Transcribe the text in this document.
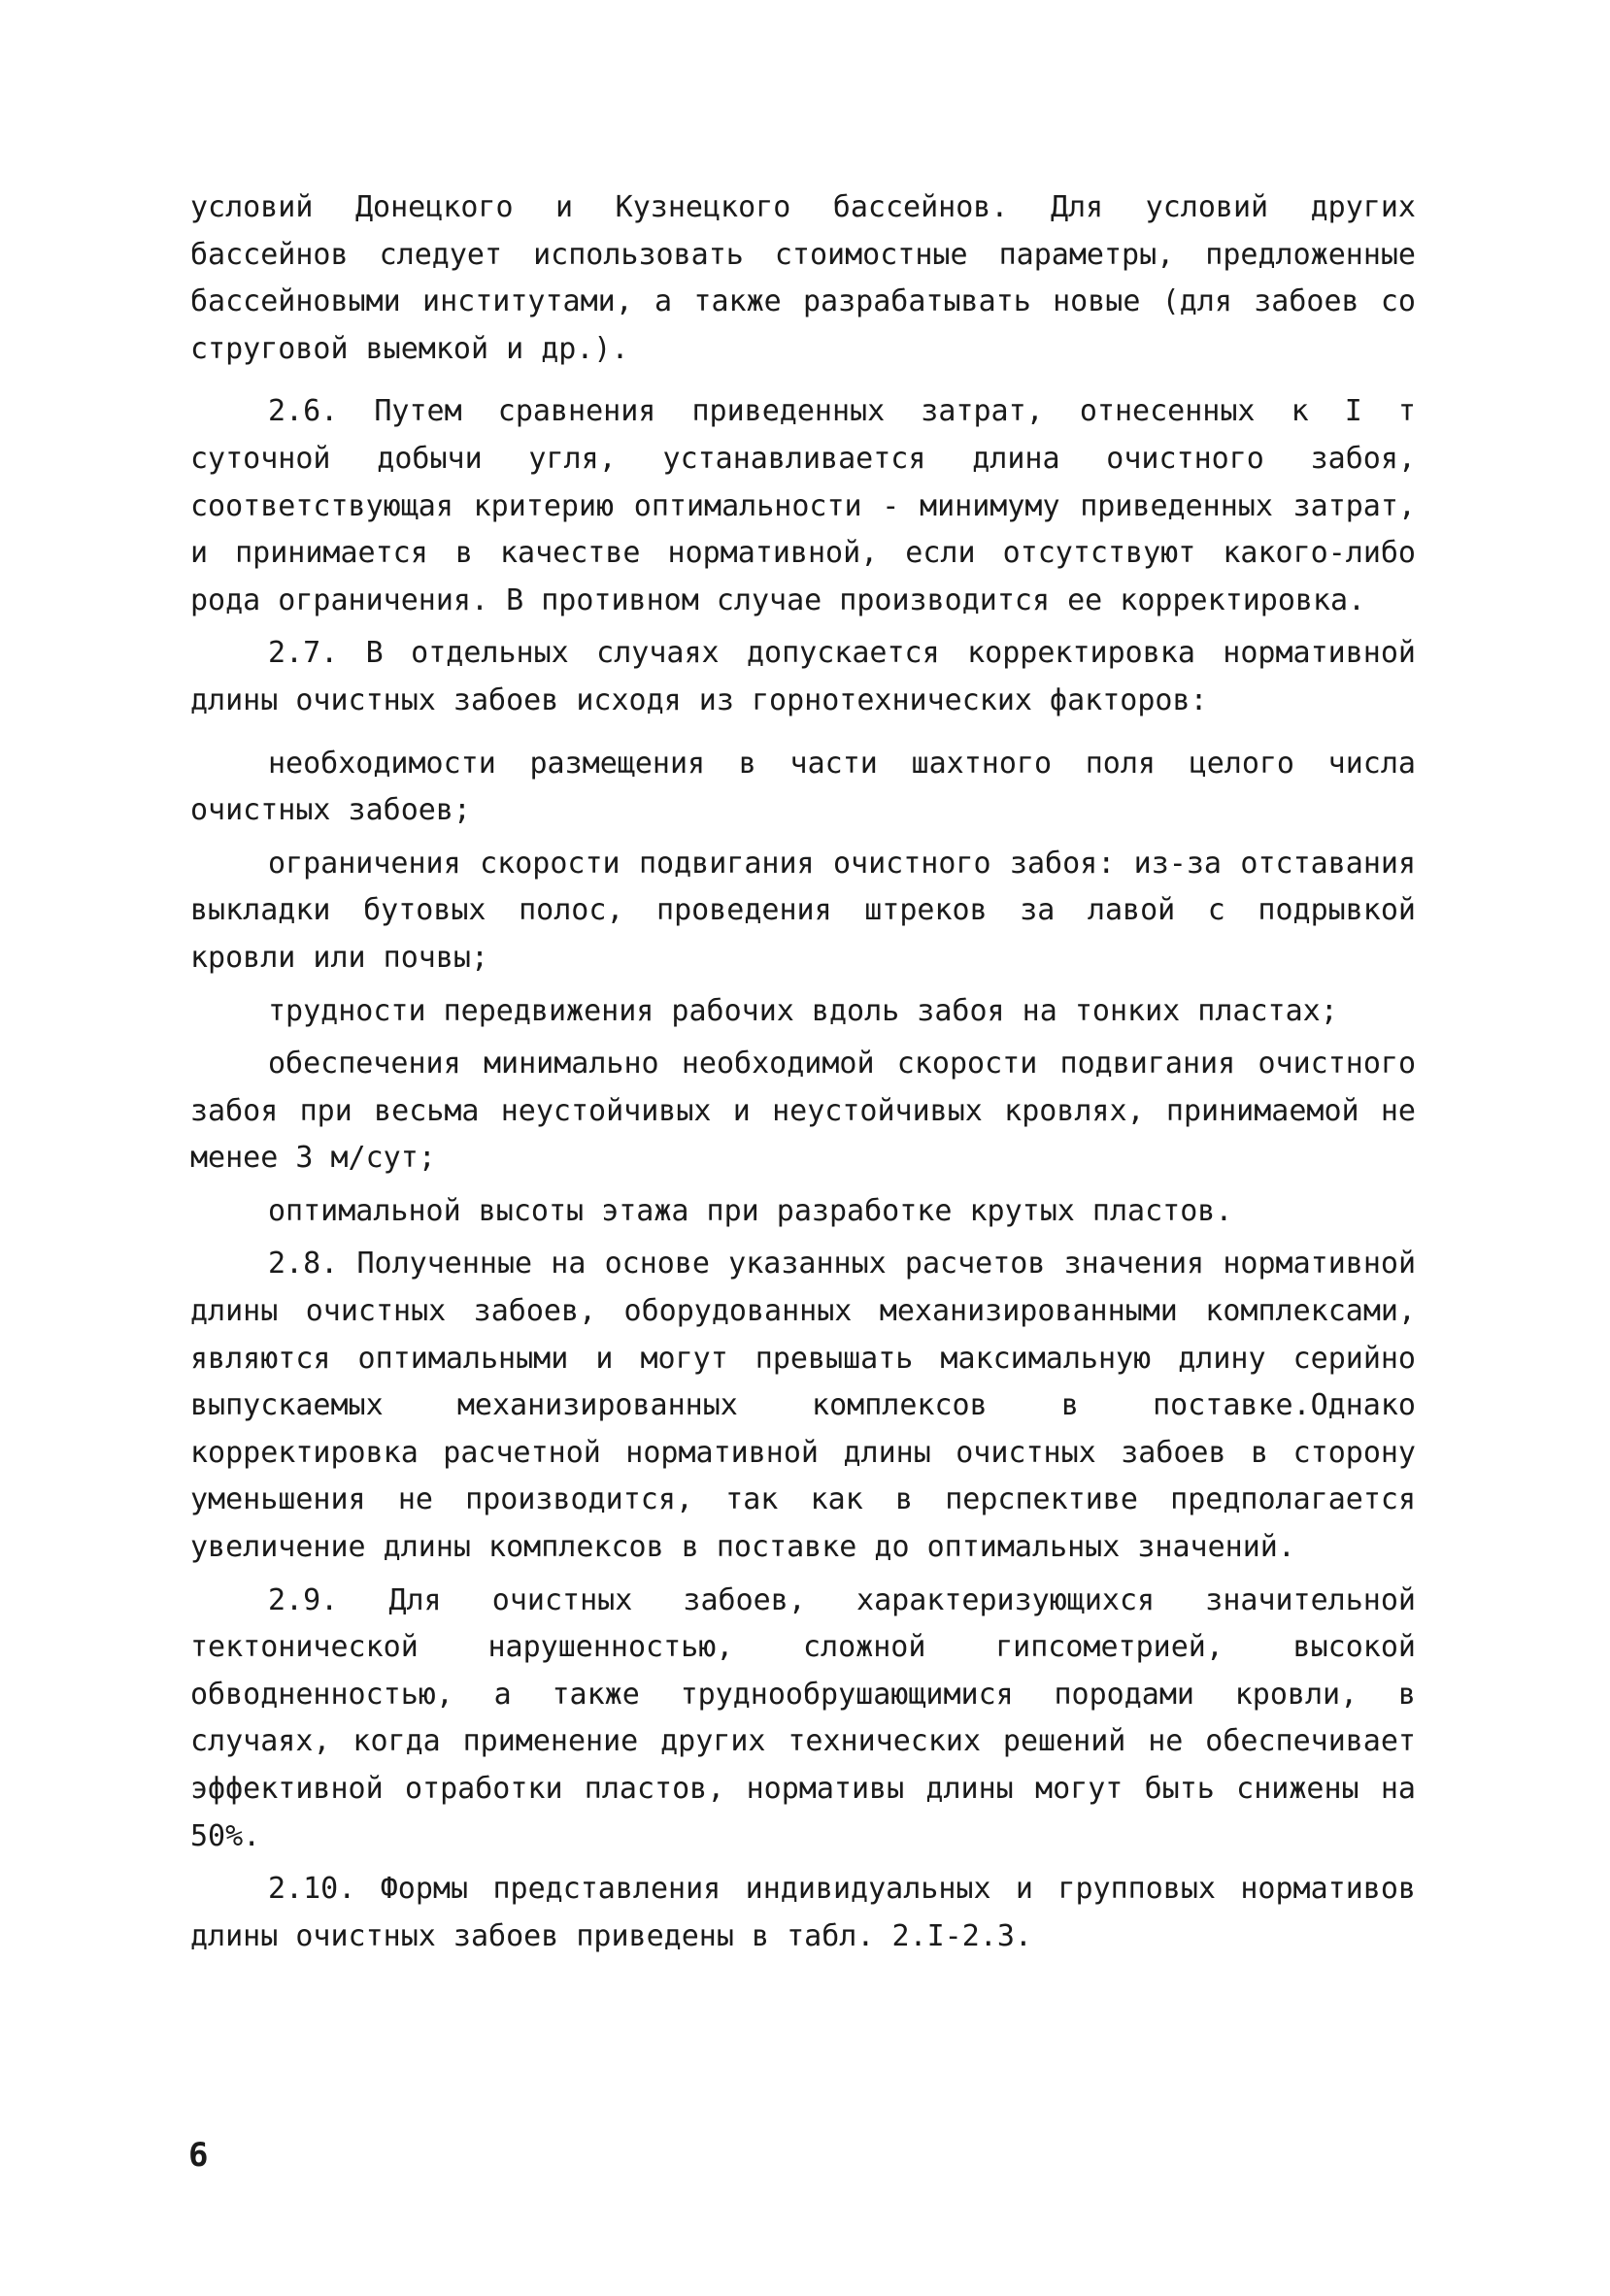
условий Донецкого и Кузнецкого бассейнов. Для условий других бассейнов следует использовать стоимостные параметры, предложенные бассейновыми институтами, а также разрабатывать новые (для забоев со струговой выемкой и др.).

2.6. Путем сравнения приведенных затрат, отнесенных к I т суточной добычи угля, устанавливается длина очистного забоя, соответствующая критерию оптимальности - минимуму приведенных затрат, и принимается в качестве нормативной, если отсутствуют какого-либо рода ограничения. В противном случае производится ее корректировка.

2.7. В отдельных случаях допускается корректировка нормативной длины очистных забоев исходя из горнотехнических факторов:

необходимости размещения в части шахтного поля целого числа очистных забоев;

ограничения скорости подвигания очистного забоя: из-за отставания выкладки бутовых полос, проведения штреков за лавой с подрывкой кровли или почвы;

трудности передвижения рабочих вдоль забоя на тонких пластах;

обеспечения минимально необходимой скорости подвигания очистного забоя при весьма неустойчивых и неустойчивых кровлях, принимаемой не менее 3 м/сут;

оптимальной высоты этажа при разработке крутых пластов.

2.8. Полученные на основе указанных расчетов значения нормативной длины очистных забоев, оборудованных механизированными комплексами, являются оптимальными и могут превышать максимальную длину серийно выпускаемых механизированных комплексов в поставке.Однако корректировка расчетной нормативной длины очистных забоев в сторону уменьшения не производится, так как в перспективе предполагается увеличение длины комплексов в поставке до оптимальных значений.

2.9. Для очистных забоев, характеризующихся значительной тектонической нарушенностью, сложной гипсометрией, высокой обводненностью, а также труднообрушающимися породами кровли, в случаях, когда применение других технических решений не обеспечивает эффективной отработки пластов, нормативы длины могут быть снижены на 50%.

2.10. Формы представления индивидуальных и групповых нормативов длины очистных забоев приведены в табл. 2.I-2.3.

6
